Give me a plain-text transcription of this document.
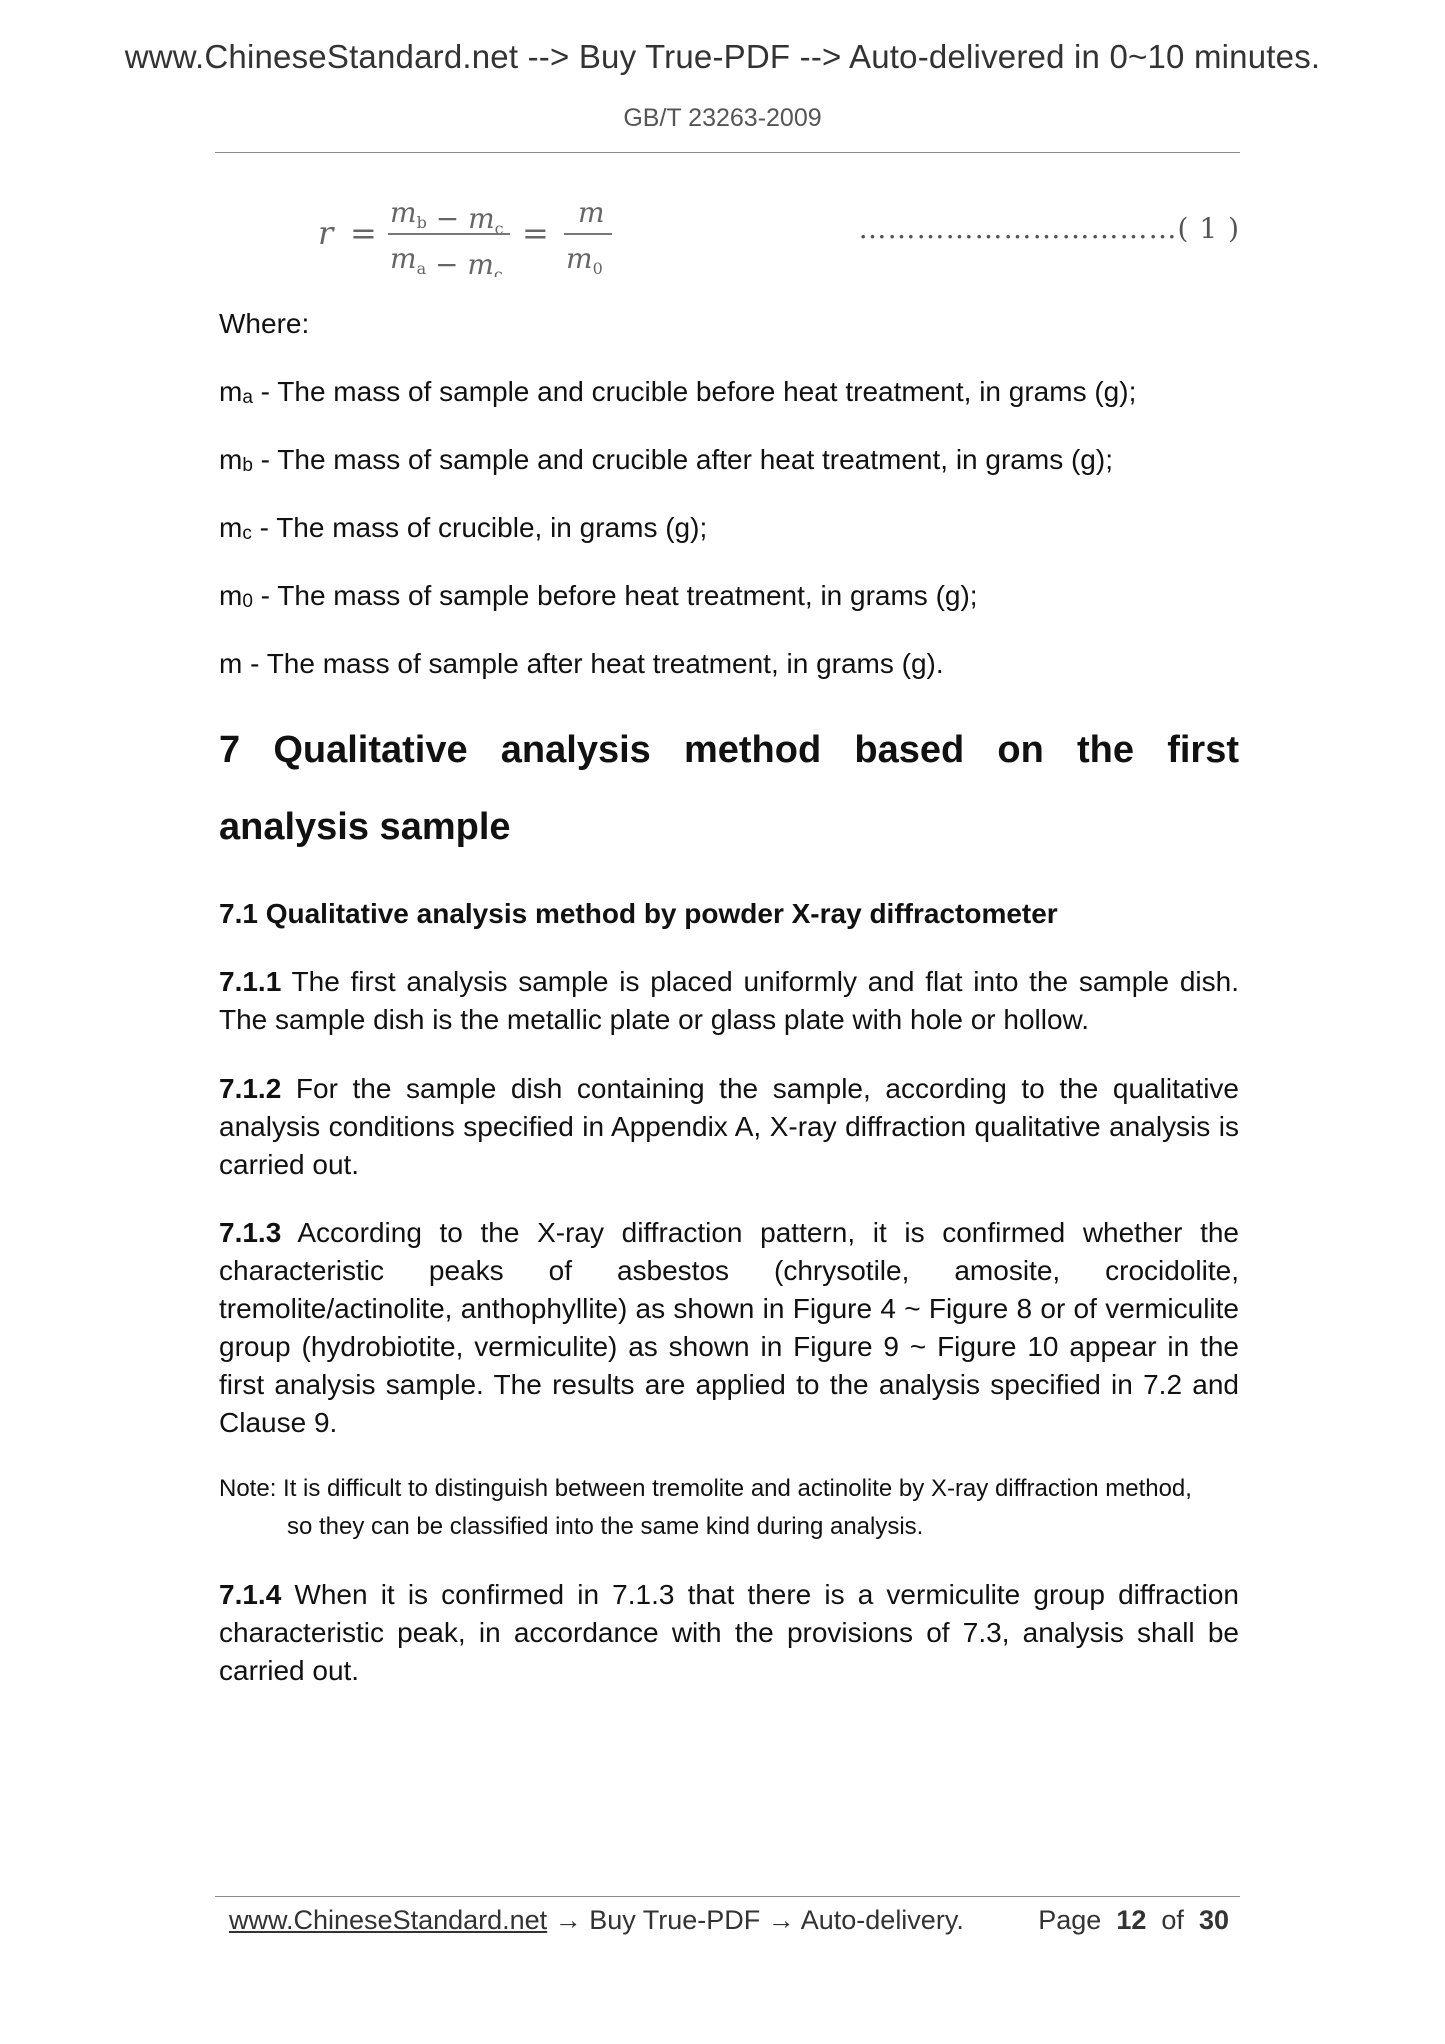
www.ChineseStandard.net --> Buy True-PDF --> Auto-delivered in 0~10 minutes.
GB/T 23263-2009
r =
$m_b - m_c$
$m_a - m_c$
=
m
$m_0$
……………………………( 1 )
Where:
ma - The mass of sample and crucible before heat treatment, in grams (g);
mb - The mass of sample and crucible after heat treatment, in grams (g);
mc - The mass of crucible, in grams (g);
m0 - The mass of sample before heat treatment, in grams (g);
m - The mass of sample after heat treatment, in grams (g).
7 Qualitative analysis method based on the first
analysis sample
7.1 Qualitative analysis method by powder X-ray diffractometer
7.1.1 The first analysis sample is placed uniformly and flat into the sample dish. The sample dish is the metallic plate or glass plate with hole or hollow.
7.1.2 For the sample dish containing the sample, according to the qualitative analysis conditions specified in Appendix A, X-ray diffraction qualitative analysis is carried out.
7.1.3 According to the X-ray diffraction pattern, it is confirmed whether the characteristic peaks of asbestos (chrysotile, amosite, crocidolite, tremolite/actinolite, anthophyllite) as shown in Figure 4 ~ Figure 8 or of vermiculite group (hydrobiotite, vermiculite) as shown in Figure 9 ~ Figure 10 appear in the first analysis sample. The results are applied to the analysis specified in 7.2 and Clause 9.
Note: It is difficult to distinguish between tremolite and actinolite by X-ray diffraction method,
so they can be classified into the same kind during analysis.
7.1.4 When it is confirmed in 7.1.3 that there is a vermiculite group diffraction characteristic peak, in accordance with the provisions of 7.3, analysis shall be carried out.
www.ChineseStandard.net → Buy True-PDF → Auto-delivery.	Page 12 of 30
